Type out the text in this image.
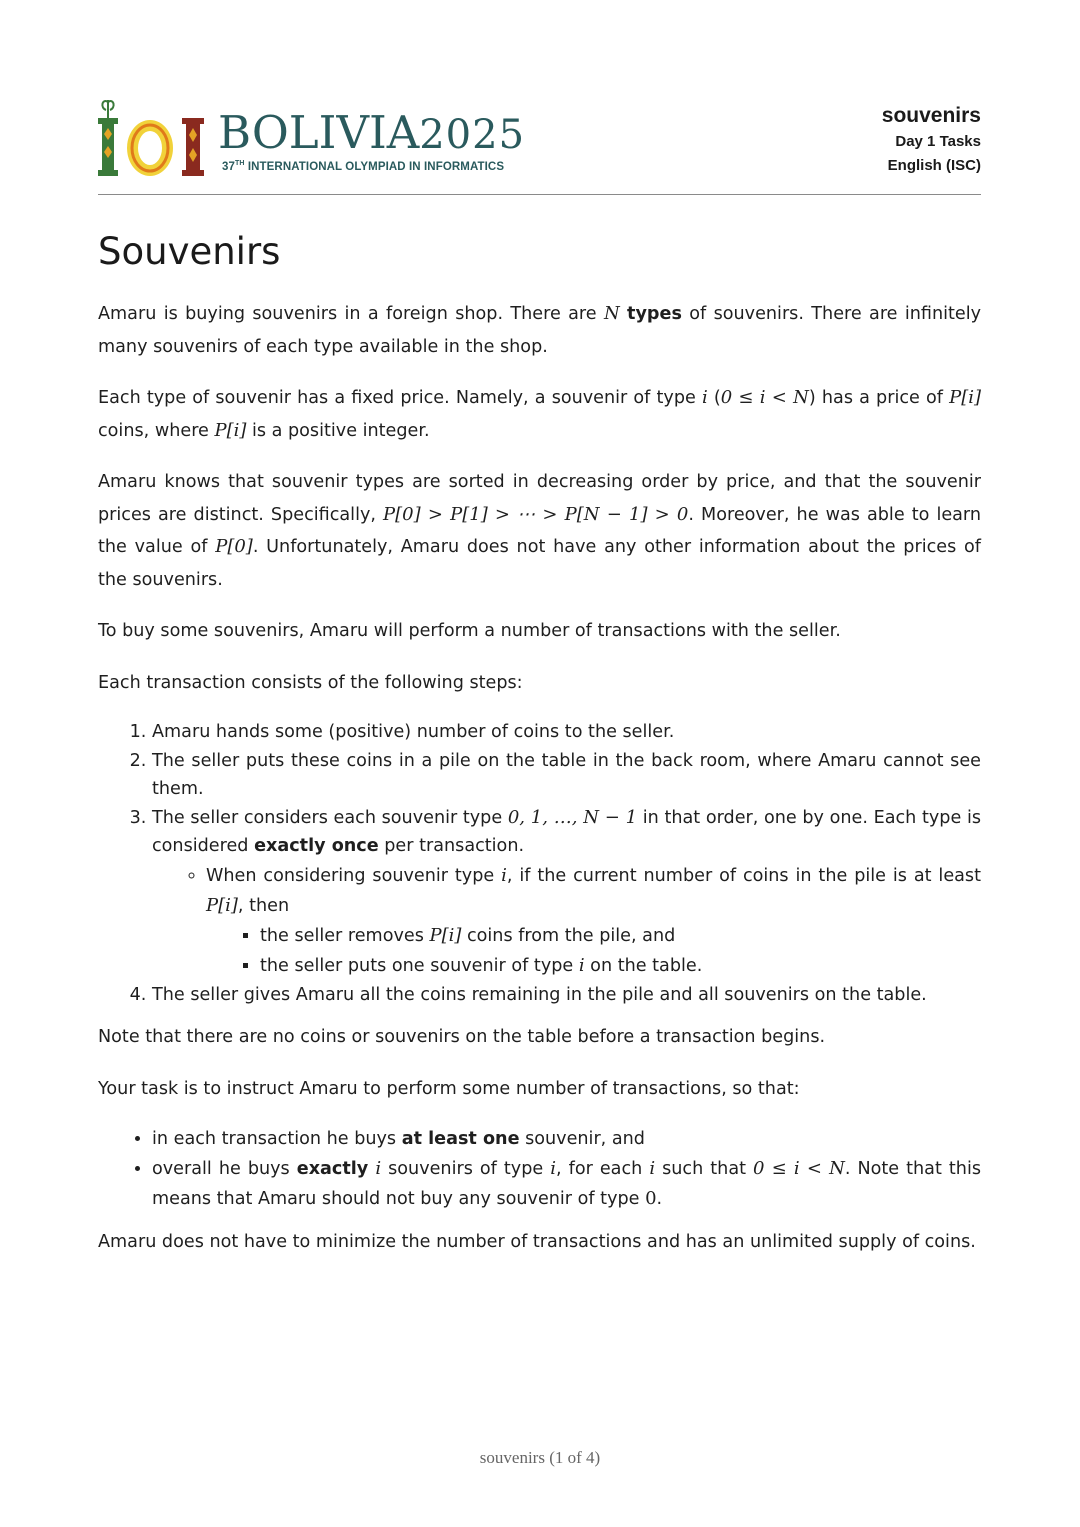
BOLIVIA2025
37TH INTERNATIONAL OLYMPIAD IN INFORMATICS
souvenirs
Day 1 Tasks
English (ISC)
Souvenirs

Amaru is buying souvenirs in a foreign shop. There are N types of souvenirs. There are infinitely many souvenirs of each type available in the shop.

Each type of souvenir has a fixed price. Namely, a souvenir of type i (0 ≤ i < N) has a price of P[i] coins, where P[i] is a positive integer.

Amaru knows that souvenir types are sorted in decreasing order by price, and that the souvenir prices are distinct. Specifically, P[0] > P[1] > ⋯ > P[N − 1] > 0. Moreover, he was able to learn the value of P[0]. Unfortunately, Amaru does not have any other information about the prices of the souvenirs.

To buy some souvenirs, Amaru will perform a number of transactions with the seller.

Each transaction consists of the following steps:

1. Amaru hands some (positive) number of coins to the seller.
2. The seller puts these coins in a pile on the table in the back room, where Amaru cannot see them.
3. The seller considers each souvenir type 0, 1, …, N − 1 in that order, one by one. Each type is considered exactly once per transaction.
◦ When considering souvenir type i, if the current number of coins in the pile is at least P[i], then
▪ the seller removes P[i] coins from the pile, and
▪ the seller puts one souvenir of type i on the table.
4. The seller gives Amaru all the coins remaining in the pile and all souvenirs on the table.

Note that there are no coins or souvenirs on the table before a transaction begins.

Your task is to instruct Amaru to perform some number of transactions, so that:

• in each transaction he buys at least one souvenir, and
• overall he buys exactly i souvenirs of type i, for each i such that 0 ≤ i < N. Note that this means that Amaru should not buy any souvenir of type 0.

Amaru does not have to minimize the number of transactions and has an unlimited supply of coins.

souvenirs (1 of 4)
